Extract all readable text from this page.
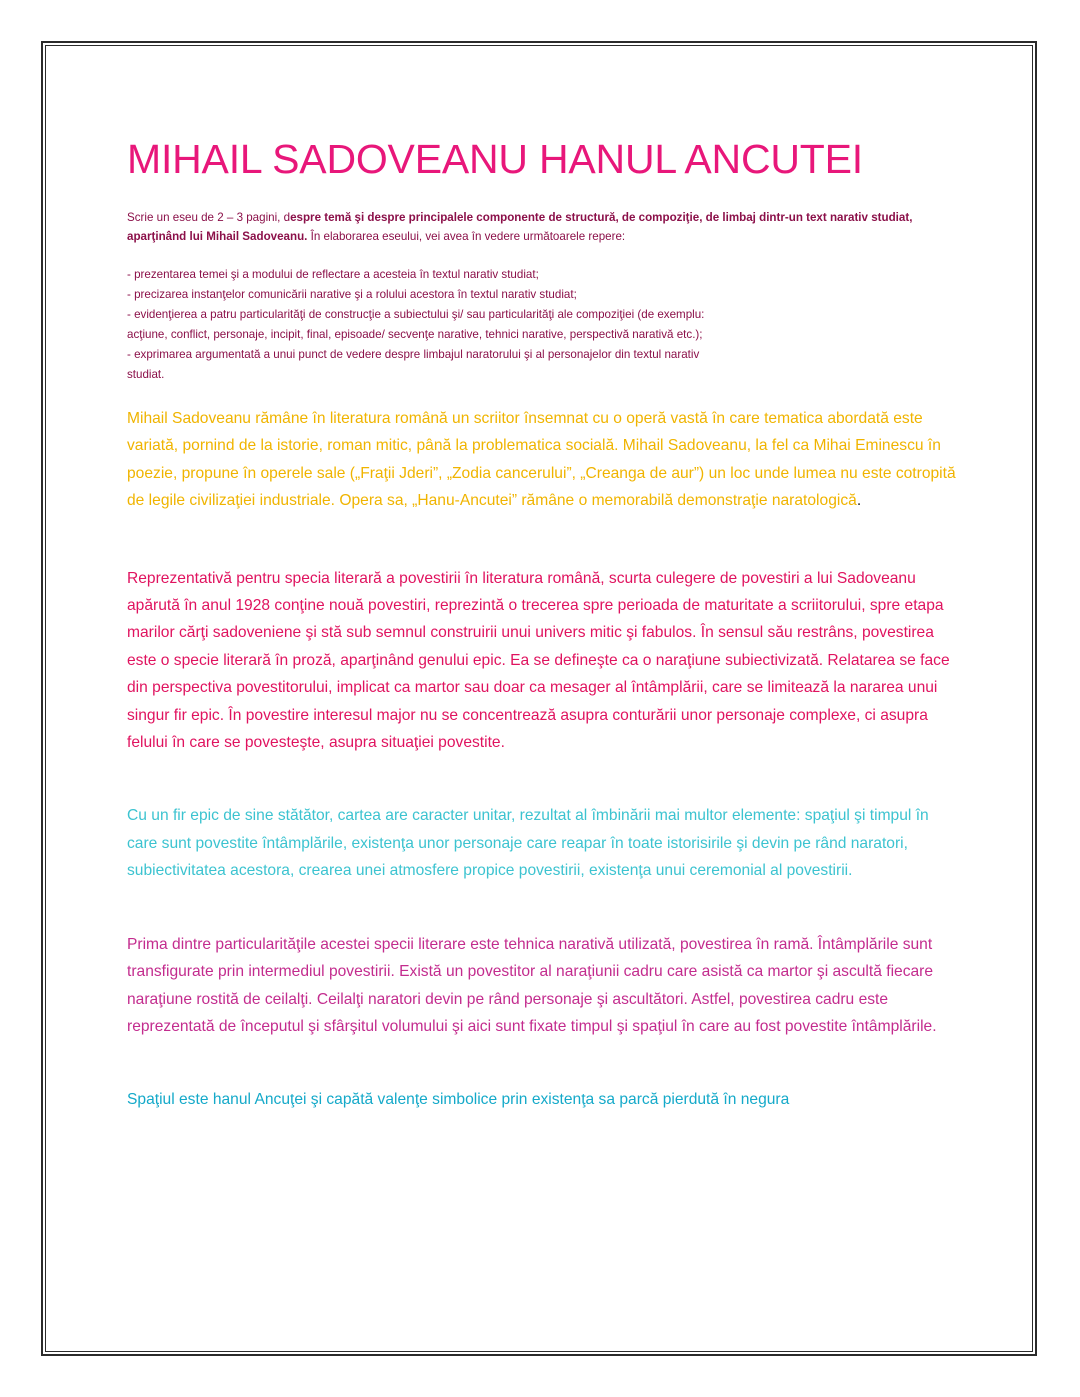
MIHAIL SADOVEANU HANUL ANCUTEI
Scrie un eseu de 2 – 3 pagini, despre temă şi despre principalele componente de structură, de compoziţie, de limbaj dintr-un text narativ studiat, aparţinând lui Mihail Sadoveanu. În elaborarea eseului, vei avea în vedere următoarele repere:
- prezentarea temei şi a modului de reflectare a acesteia în textul narativ studiat;
- precizarea instanţelor comunicării narative şi a rolului acestora în textul narativ studiat;
- evidenţierea a patru particularităţi de construcţie a subiectului şi/ sau particularităţi ale compoziţiei (de exemplu: acţiune, conflict, personaje, incipit, final, episoade/ secvenţe narative, tehnici narative, perspectivă narativă etc.);
- exprimarea argumentată a unui punct de vedere despre limbajul naratorului şi al personajelor din textul narativ studiat.

Mihail Sadoveanu rămâne în literatura română un scriitor însemnat cu o operă vastă în care tematica abordată este variată, pornind de la istorie, roman mitic, până la problematica socială. Mihail Sadoveanu, la fel ca Mihai Eminescu în poezie, propune în operele sale („Fraţii Jderi”, „Zodia cancerului”, „Creanga de aur”) un loc unde lumea nu este cotropită de legile civilizaţiei industriale. Opera sa, „Hanu-Ancutei” rămâne o memorabilă demonstraţie naratologică.

Reprezentativă pentru specia literară a povestirii în literatura română, scurta culegere de povestiri a lui Sadoveanu apărută în anul 1928 conţine nouă povestiri, reprezintă o trecerea spre perioada de maturitate a scriitorului, spre etapa marilor cărţi sadoveniene şi stă sub semnul construirii unui univers mitic şi fabulos. În sensul său restrâns, povestirea este o specie literară în proză, aparţinând genului epic. Ea se defineşte ca o naraţiune subiectivizată. Relatarea se face din perspectiva povestitorului, implicat ca martor sau doar ca mesager al întâmplării, care se limitează la nararea unui singur fir epic. În povestire interesul major nu se concentrează asupra conturării unor personaje complexe, ci asupra felului în care se povesteşte, asupra situaţiei povestite.

Cu un fir epic de sine stătător, cartea are caracter unitar, rezultat al îmbinării mai multor elemente: spaţiul şi timpul în care sunt povestite întâmplările, existenţa unor personaje care reapar în toate istorisirile şi devin pe rând naratori, subiectivitatea acestora, crearea unei atmosfere propice povestirii, existenţa unui ceremonial al povestirii.

Prima dintre particularităţile acestei specii literare este tehnica narativă utilizată, povestirea în ramă. Întâmplările sunt transfigurate prin intermediul povestirii. Există un povestitor al naraţiunii cadru care asistă ca martor şi ascultă fiecare naraţiune rostită de ceilalţi. Ceilalţi naratori devin pe rând personaje şi ascultători. Astfel, povestirea cadru este reprezentată de începutul şi sfârşitul volumului şi aici sunt fixate timpul şi spaţiul în care au fost povestite întâmplările.

Spaţiul este hanul Ancuţei şi capătă valenţe simbolice prin existenţa sa parcă pierdută în negura
